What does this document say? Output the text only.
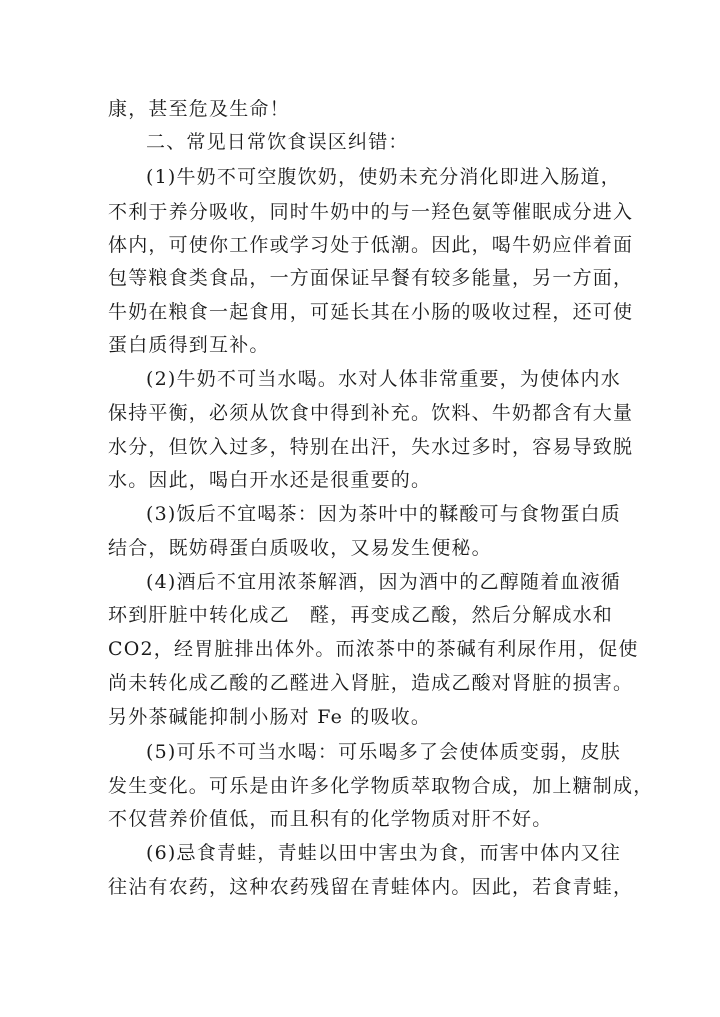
康，甚至危及生命！
二、常见日常饮食误区纠错：
(1)牛奶不可空腹饮奶，使奶未充分消化即进入肠道，
不利于养分吸收，同时牛奶中的与一羟色氨等催眠成分进入
体内，可使你工作或学习处于低潮。因此，喝牛奶应伴着面
包等粮食类食品，一方面保证早餐有较多能量，另一方面，
牛奶在粮食一起食用，可延长其在小肠的吸收过程，还可使
蛋白质得到互补。
(2)牛奶不可当水喝。水对人体非常重要，为使体内水
保持平衡，必须从饮食中得到补充。饮料、牛奶都含有大量
水分，但饮入过多，特别在出汗，失水过多时，容易导致脱
水。因此，喝白开水还是很重要的。
(3)饭后不宜喝茶：因为茶叶中的鞣酸可与食物蛋白质
结合，既妨碍蛋白质吸收，又易发生便秘。
(4)酒后不宜用浓茶解酒，因为酒中的乙醇随着血液循
环到肝脏中转化成乙　醛，再变成乙酸，然后分解成水和
CO2，经胃脏排出体外。而浓茶中的茶碱有利尿作用，促使
尚未转化成乙酸的乙醛进入肾脏，造成乙酸对肾脏的损害。
另外茶碱能抑制小肠对 Fe 的吸收。
(5)可乐不可当水喝：可乐喝多了会使体质变弱，皮肤
发生变化。可乐是由许多化学物质萃取物合成，加上糖制成，
不仅营养价值低，而且积有的化学物质对肝不好。
(6)忌食青蛙，青蛙以田中害虫为食，而害中体内又往
往沾有农药，这种农药残留在青蛙体内。因此，若食青蛙，
